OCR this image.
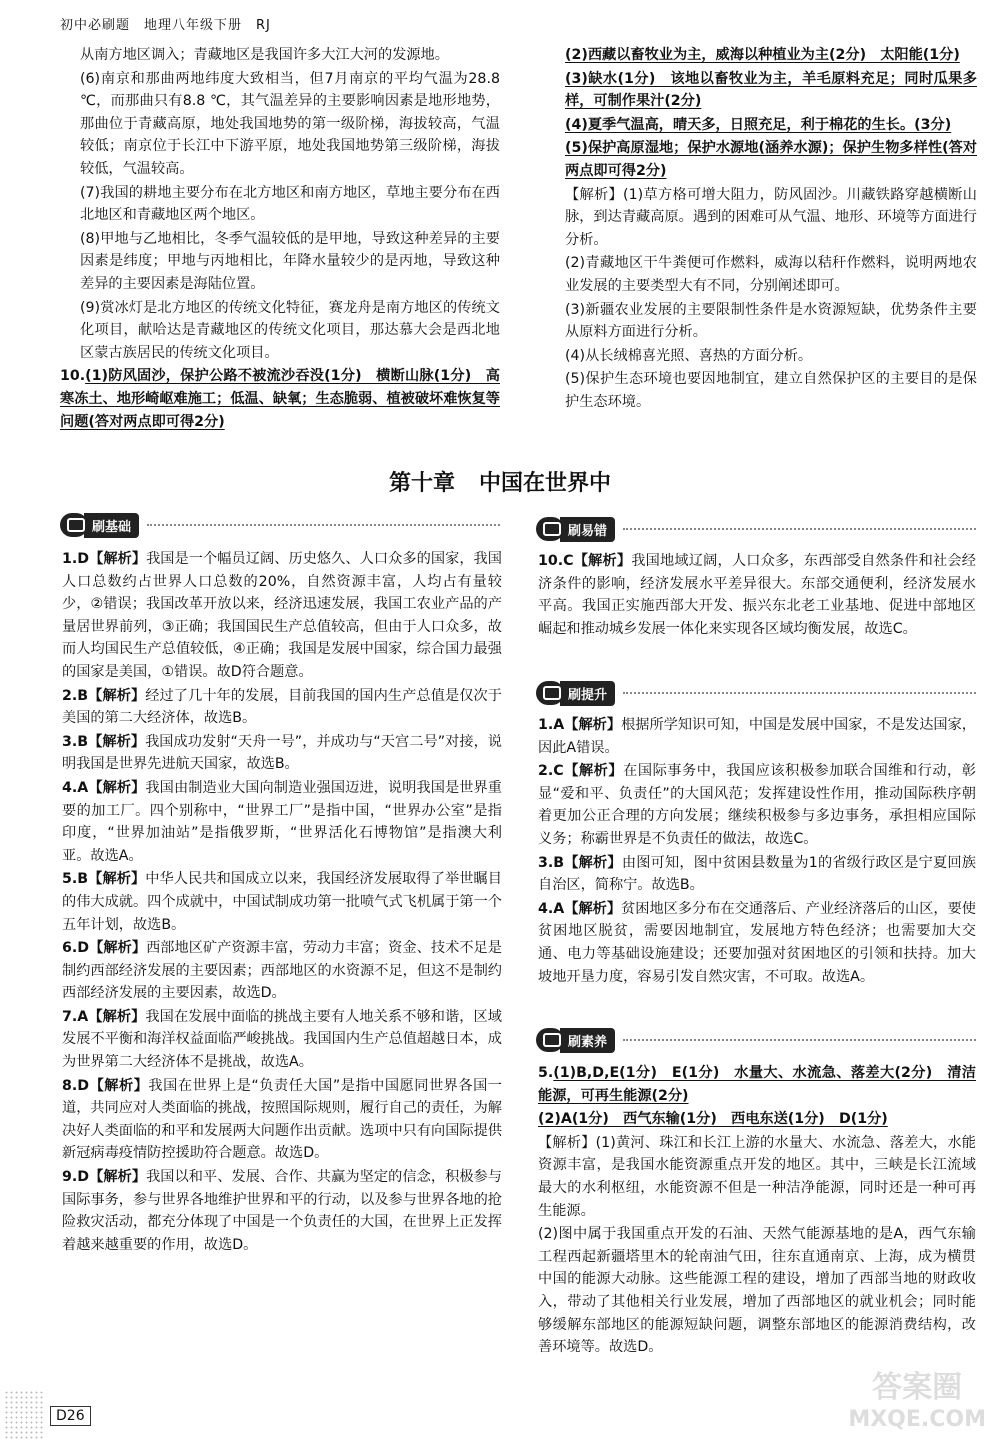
初中必刷题　地理八年级下册　RJ

从南方地区调入；青藏地区是我国许多大江大河的发源地。

(6)南京和那曲两地纬度大致相当，但7月南京的平均气温为28.8 ℃，而那曲只有8.8 ℃，其气温差异的主要影响因素是地形地势，那曲位于青藏高原，地处我国地势的第一级阶梯，海拔较高，气温较低；南京位于长江中下游平原，地处我国地势第三级阶梯，海拔较低，气温较高。

(7)我国的耕地主要分布在北方地区和南方地区，草地主要分布在西北地区和青藏地区两个地区。

(8)甲地与乙地相比，冬季气温较低的是甲地，导致这种差异的主要因素是纬度；甲地与丙地相比，年降水量较少的是丙地，导致这种差异的主要因素是海陆位置。

(9)赏冰灯是北方地区的传统文化特征，赛龙舟是南方地区的传统文化项目，献哈达是青藏地区的传统文化项目，那达慕大会是西北地区蒙古族居民的传统文化项目。

10.(1)防风固沙，保护公路不被流沙吞没(1分)　横断山脉(1分)　高寒冻土、地形崎岖难施工；低温、缺氧；生态脆弱、植被破坏难恢复等问题(答对两点即可得2分)

(2)西藏以畜牧业为主，威海以种植业为主(2分)　太阳能(1分)

(3)缺水(1分)　该地以畜牧业为主，羊毛原料充足；同时瓜果多样，可制作果汁(2分)

(4)夏季气温高，晴天多，日照充足，利于棉花的生长。(3分)

(5)保护高原湿地；保护水源地(涵养水源)；保护生物多样性(答对两点即可得2分)

【解析】(1)草方格可增大阻力，防风固沙。川藏铁路穿越横断山脉，到达青藏高原。遇到的困难可从气温、地形、环境等方面进行分析。

(2)青藏地区干牛粪便可作燃料，威海以秸秆作燃料，说明两地农业发展的主要类型大有不同，分别阐述即可。

(3)新疆农业发展的主要限制性条件是水资源短缺，优势条件主要从原料方面进行分析。

(4)从长绒棉喜光照、喜热的方面分析。

(5)保护生态环境也要因地制宜，建立自然保护区的主要目的是保护生态环境。

第十章 中国在世界中
刷基础	刷易错
刷提升
刷素养

1.D【解析】我国是一个幅员辽阔、历史悠久、人口众多的国家，我国人口总数约占世界人口总数的20%，自然资源丰富，人均占有量较少，②错误；我国改革开放以来，经济迅速发展，我国工农业产品的产量居世界前列，③正确；我国国民生产总值较高，但由于人口众多，故而人均国民生产总值较低，④正确；我国是发展中国家，综合国力最强的国家是美国，①错误。故D符合题意。

2.B【解析】经过了几十年的发展，目前我国的国内生产总值是仅次于美国的第二大经济体，故选B。

3.B【解析】我国成功发射“天舟一号”，并成功与“天宫二号”对接，说明我国是世界先进航天国家，故选B。

4.A【解析】我国由制造业大国向制造业强国迈进，说明我国是世界重要的加工厂。四个别称中，“世界工厂”是指中国，“世界办公室”是指印度，“世界加油站”是指俄罗斯，“世界活化石博物馆”是指澳大利亚。故选A。

5.B【解析】中华人民共和国成立以来，我国经济发展取得了举世瞩目的伟大成就。四个成就中，中国试制成功第一批喷气式飞机属于第一个五年计划，故选B。

6.D【解析】西部地区矿产资源丰富，劳动力丰富；资金、技术不足是制约西部经济发展的主要因素；西部地区的水资源不足，但这不是制约西部经济发展的主要因素，故选D。

7.A【解析】我国在发展中面临的挑战主要有人地关系不够和谐，区域发展不平衡和海洋权益面临严峻挑战。我国国内生产总值超越日本，成为世界第二大经济体不是挑战，故选A。

8.D【解析】我国在世界上是“负责任大国”是指中国愿同世界各国一道，共同应对人类面临的挑战，按照国际规则，履行自己的责任，为解决好人类面临的和平和发展两大问题作出贡献。选项中只有向国际提供新冠病毒疫情防控援助符合题意。故选D。

9.D【解析】我国以和平、发展、合作、共赢为坚定的信念，积极参与国际事务，参与世界各地维护世界和平的行动，以及参与世界各地的抢险救灾活动，都充分体现了中国是一个负责任的大国，在世界上正发挥着越来越重要的作用，故选D。

10.C【解析】我国地域辽阔，人口众多，东西部受自然条件和社会经济条件的影响，经济发展水平差异很大。东部交通便利，经济发展水平高。我国正实施西部大开发、振兴东北老工业基地、促进中部地区崛起和推动城乡发展一体化来实现各区域均衡发展，故选C。

1.A【解析】根据所学知识可知，中国是发展中国家，不是发达国家，因此A错误。

2.C【解析】在国际事务中，我国应该积极参加联合国维和行动，彰显“爱和平、负责任”的大国风范；发挥建设性作用，推动国际秩序朝着更加公正合理的方向发展；继续积极参与多边事务，承担相应国际义务；称霸世界是不负责任的做法，故选C。

3.B【解析】由图可知，图中贫困县数量为1的省级行政区是宁夏回族自治区，简称宁。故选B。

4.A【解析】贫困地区多分布在交通落后、产业经济落后的山区，要使贫困地区脱贫，需要因地制宜，发展地方特色经济；也需要加大交通、电力等基础设施建设；还要加强对贫困地区的引领和扶持。加大坡地开垦力度，容易引发自然灾害，不可取。故选A。

5.(1)B,D,E(1分)　E(1分)　水量大、水流急、落差大(2分)　清洁能源，可再生能源(2分)

(2)A(1分)　西气东输(1分)　西电东送(1分)　D(1分)

【解析】(1)黄河、珠江和长江上游的水量大、水流急、落差大，水能资源丰富，是我国水能资源重点开发的地区。其中，三峡是长江流域最大的水利枢纽，水能资源不但是一种洁净能源，同时还是一种可再生能源。

(2)图中属于我国重点开发的石油、天然气能源基地的是A，西气东输工程西起新疆塔里木的轮南油气田，往东直通南京、上海，成为横贯中国的能源大动脉。这些能源工程的建设，增加了西部当地的财政收入，带动了其他相关行业发展，增加了西部地区的就业机会；同时能够缓解东部地区的能源短缺问题，调整东部地区的能源消费结构，改善环境等。故选D。

D26
答案圈
MXQE.COM
